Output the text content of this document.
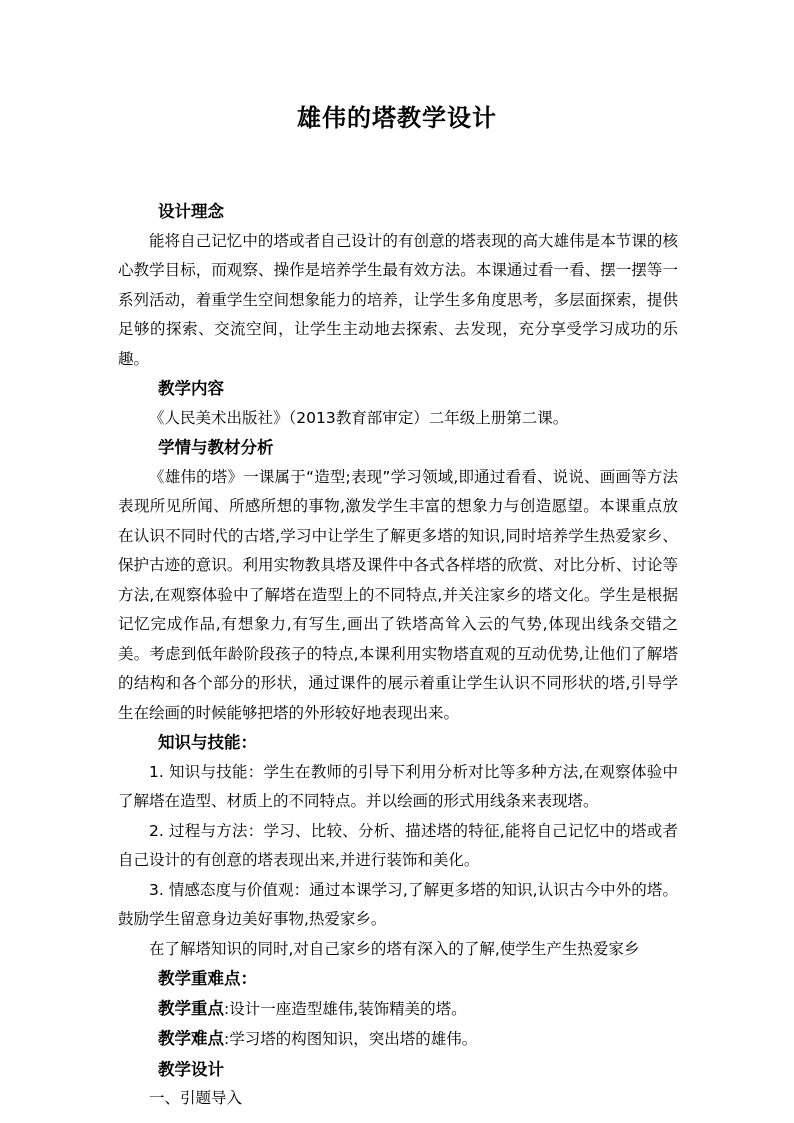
雄伟的塔教学设计

设计理念

能将自己记忆中的塔或者自己设计的有创意的塔表现的高大雄伟是本节课的核心教学目标，而观察、操作是培养学生最有效方法。本课通过看一看、摆一摆等一系列活动，着重学生空间想象能力的培养，让学生多角度思考，多层面探索，提供足够的探索、交流空间，让学生主动地去探索、去发现，充分享受学习成功的乐趣。

教学内容

《人民美术出版社》（2013教育部审定）二年级上册第二课。

学情与教材分析

《雄伟的塔》一课属于“造型;表现”学习领域,即通过看看、说说、画画等方法表现所见所闻、所感所想的事物,激发学生丰富的想象力与创造愿望。本课重点放在认识不同时代的古塔,学习中让学生了解更多塔的知识,同时培养学生热爱家乡、保护古迹的意识。利用实物教具塔及课件中各式各样塔的欣赏、对比分析、讨论等方法,在观察体验中了解塔在造型上的不同特点,并关注家乡的塔文化。学生是根据记忆完成作品,有想象力,有写生,画出了铁塔高耸入云的气势,体现出线条交错之美。考虑到低年龄阶段孩子的特点,本课利用实物塔直观的互动优势,让他们了解塔的结构和各个部分的形状，通过课件的展示着重让学生认识不同形状的塔,引导学生在绘画的时候能够把塔的外形较好地表现出来。

知识与技能：

1. 知识与技能：学生在教师的引导下利用分析对比等多种方法,在观察体验中了解塔在造型、材质上的不同特点。并以绘画的形式用线条来表现塔。

2. 过程与方法：学习、比较、分析、描述塔的特征,能将自己记忆中的塔或者自己设计的有创意的塔表现出来,并进行装饰和美化。

3. 情感态度与价值观：通过本课学习,了解更多塔的知识,认识古今中外的塔。鼓励学生留意身边美好事物,热爱家乡。

在了解塔知识的同时,对自己家乡的塔有深入的了解,使学生产生热爱家乡

教学重难点：

教学重点:设计一座造型雄伟,装饰精美的塔。

教学难点:学习塔的构图知识，突出塔的雄伟。

教学设计

一、引题导入
